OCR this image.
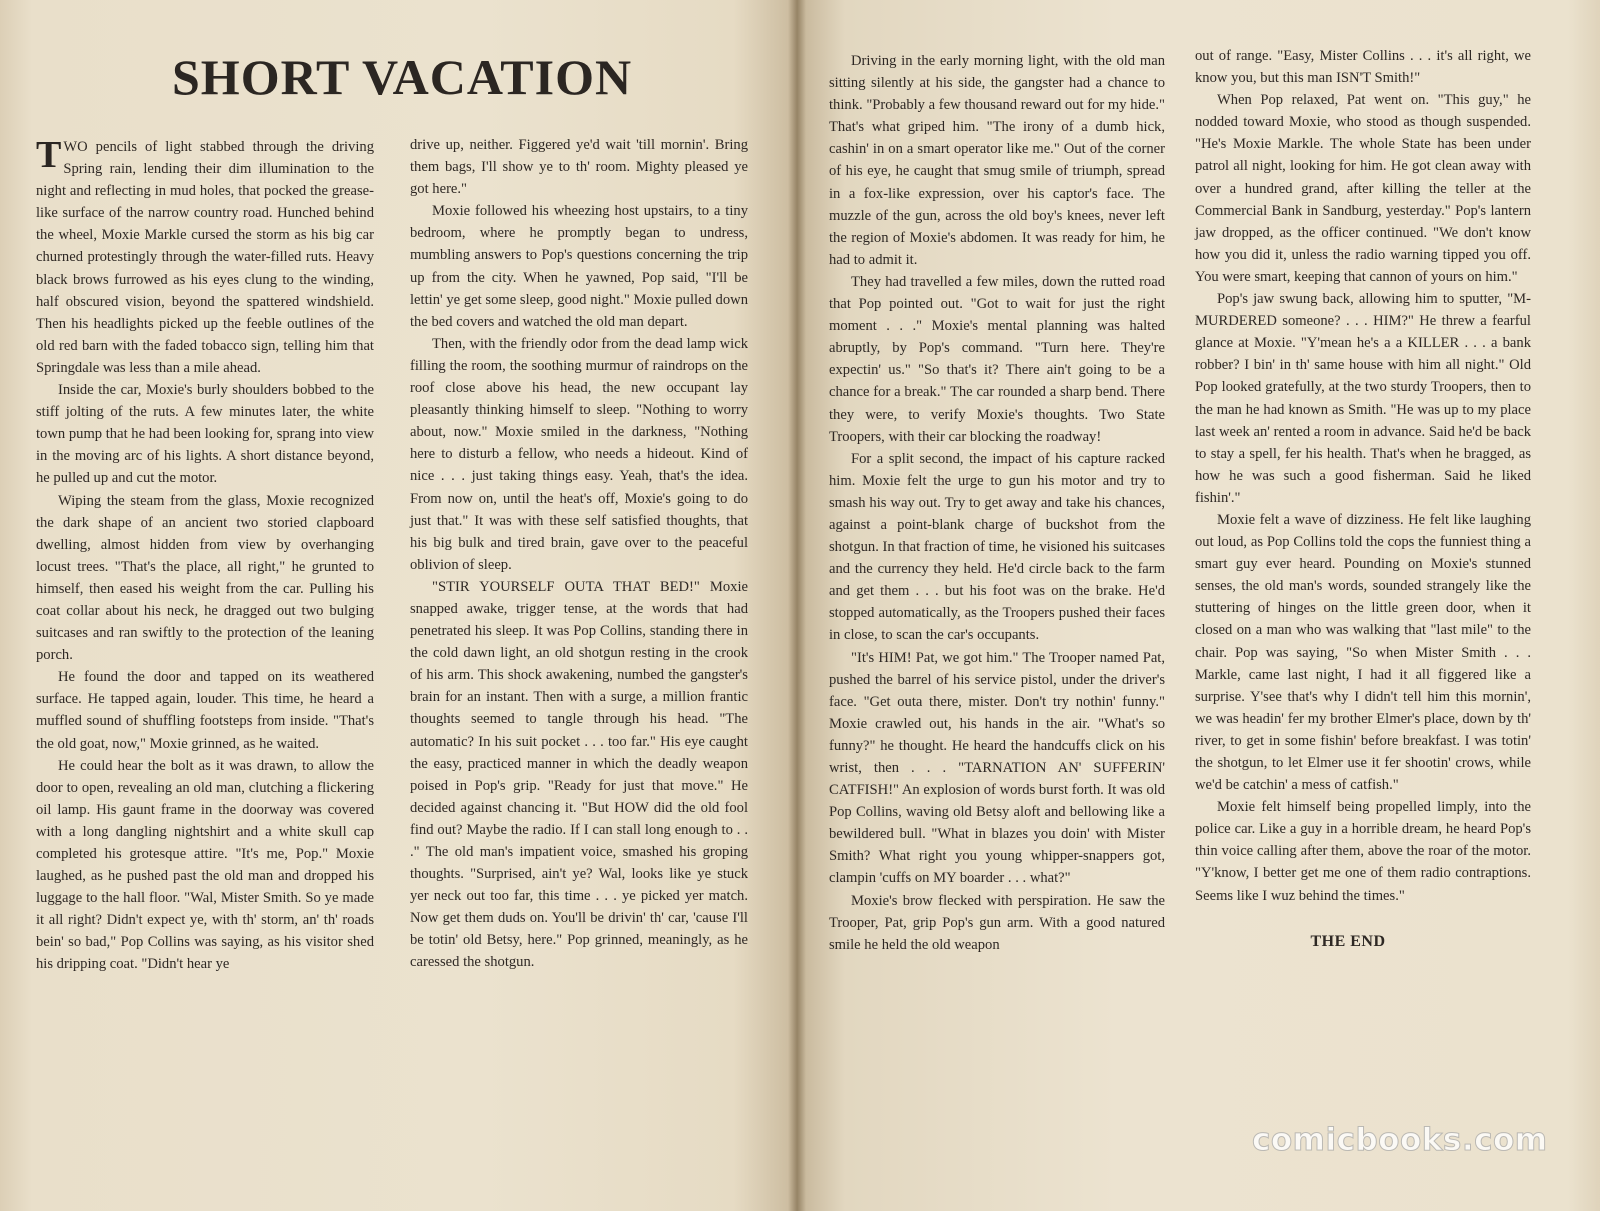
SHORT VACATION

TWO pencils of light stabbed through the driving Spring rain, lending their dim illumination to the night and reflecting in mud holes, that pocked the grease-like surface of the narrow country road. Hunched behind the wheel, Moxie Markle cursed the storm as his big car churned protestingly through the water-filled ruts. Heavy black brows furrowed as his eyes clung to the winding, half obscured vision, beyond the spattered windshield. Then his headlights picked up the feeble outlines of the old red barn with the faded tobacco sign, telling him that Springdale was less than a mile ahead.

Inside the car, Moxie's burly shoulders bobbed to the stiff jolting of the ruts. A few minutes later, the white town pump that he had been looking for, sprang into view in the moving arc of his lights. A short distance beyond, he pulled up and cut the motor.

Wiping the steam from the glass, Moxie recognized the dark shape of an ancient two storied clapboard dwelling, almost hidden from view by overhanging locust trees. "That's the place, all right," he grunted to himself, then eased his weight from the car. Pulling his coat collar about his neck, he dragged out two bulging suitcases and ran swiftly to the protection of the leaning porch.

He found the door and tapped on its weathered surface. He tapped again, louder. This time, he heard a muffled sound of shuffling footsteps from inside. "That's the old goat, now," Moxie grinned, as he waited.

He could hear the bolt as it was drawn, to allow the door to open, revealing an old man, clutching a flickering oil lamp. His gaunt frame in the doorway was covered with a long dangling nightshirt and a white skull cap completed his grotesque attire. "It's me, Pop." Moxie laughed, as he pushed past the old man and dropped his luggage to the hall floor. "Wal, Mister Smith. So ye made it all right? Didn't expect ye, with th' storm, an' th' roads bein' so bad," Pop Collins was saying, as his visitor shed his dripping coat. "Didn't hear ye

drive up, neither. Figgered ye'd wait 'till mornin'. Bring them bags, I'll show ye to th' room. Mighty pleased ye got here."

Moxie followed his wheezing host upstairs, to a tiny bedroom, where he promptly began to undress, mumbling answers to Pop's questions concerning the trip up from the city. When he yawned, Pop said, "I'll be lettin' ye get some sleep, good night." Moxie pulled down the bed covers and watched the old man depart.

Then, with the friendly odor from the dead lamp wick filling the room, the soothing murmur of raindrops on the roof close above his head, the new occupant lay pleasantly thinking himself to sleep. "Nothing to worry about, now." Moxie smiled in the darkness, "Nothing here to disturb a fellow, who needs a hideout. Kind of nice . . . just taking things easy. Yeah, that's the idea. From now on, until the heat's off, Moxie's going to do just that." It was with these self satisfied thoughts, that his big bulk and tired brain, gave over to the peaceful oblivion of sleep.

"STIR YOURSELF OUTA THAT BED!" Moxie snapped awake, trigger tense, at the words that had penetrated his sleep. It was Pop Collins, standing there in the cold dawn light, an old shotgun resting in the crook of his arm. This shock awakening, numbed the gangster's brain for an instant. Then with a surge, a million frantic thoughts seemed to tangle through his head. "The automatic? In his suit pocket . . . too far." His eye caught the easy, practiced manner in which the deadly weapon poised in Pop's grip. "Ready for just that move." He decided against chancing it. "But HOW did the old fool find out? Maybe the radio. If I can stall long enough to . . ." The old man's impatient voice, smashed his groping thoughts. "Surprised, ain't ye? Wal, looks like ye stuck yer neck out too far, this time . . . ye picked yer match. Now get them duds on. You'll be drivin' th' car, 'cause I'll be totin' old Betsy, here." Pop grinned, meaningly, as he caressed the shotgun.

Driving in the early morning light, with the old man sitting silently at his side, the gangster had a chance to think. "Probably a few thousand reward out for my hide." That's what griped him. "The irony of a dumb hick, cashin' in on a smart operator like me." Out of the corner of his eye, he caught that smug smile of triumph, spread in a fox-like expression, over his captor's face. The muzzle of the gun, across the old boy's knees, never left the region of Moxie's abdomen. It was ready for him, he had to admit it.

They had travelled a few miles, down the rutted road that Pop pointed out. "Got to wait for just the right moment . . ." Moxie's mental planning was halted abruptly, by Pop's command. "Turn here. They're expectin' us." "So that's it? There ain't going to be a chance for a break." The car rounded a sharp bend. There they were, to verify Moxie's thoughts. Two State Troopers, with their car blocking the roadway!

For a split second, the impact of his capture racked him. Moxie felt the urge to gun his motor and try to smash his way out. Try to get away and take his chances, against a point-blank charge of buckshot from the shotgun. In that fraction of time, he visioned his suitcases and the currency they held. He'd circle back to the farm and get them . . . but his foot was on the brake. He'd stopped automatically, as the Troopers pushed their faces in close, to scan the car's occupants.

"It's HIM! Pat, we got him." The Trooper named Pat, pushed the barrel of his service pistol, under the driver's face. "Get outa there, mister. Don't try nothin' funny." Moxie crawled out, his hands in the air. "What's so funny?" he thought. He heard the handcuffs click on his wrist, then . . . "TARNATION AN' SUFFERIN' CATFISH!" An explosion of words burst forth. It was old Pop Collins, waving old Betsy aloft and bellowing like a bewildered bull. "What in blazes you doin' with Mister Smith? What right you young whipper-snappers got, clampin 'cuffs on MY boarder . . . what?"

Moxie's brow flecked with perspiration. He saw the Trooper, Pat, grip Pop's gun arm. With a good natured smile he held the old weapon

out of range. "Easy, Mister Collins . . . it's all right, we know you, but this man ISN'T Smith!"

When Pop relaxed, Pat went on. "This guy," he nodded toward Moxie, who stood as though suspended. "He's Moxie Markle. The whole State has been under patrol all night, looking for him. He got clean away with over a hundred grand, after killing the teller at the Commercial Bank in Sandburg, yesterday." Pop's lantern jaw dropped, as the officer continued. "We don't know how you did it, unless the radio warning tipped you off. You were smart, keeping that cannon of yours on him."

Pop's jaw swung back, allowing him to sputter, "M-MURDERED someone? . . . HIM?" He threw a fearful glance at Moxie. "Y'mean he's a a KILLER . . . a bank robber? I bin' in th' same house with him all night." Old Pop looked gratefully, at the two sturdy Troopers, then to the man he had known as Smith. "He was up to my place last week an' rented a room in advance. Said he'd be back to stay a spell, fer his health. That's when he bragged, as how he was such a good fisherman. Said he liked fishin'."

Moxie felt a wave of dizziness. He felt like laughing out loud, as Pop Collins told the cops the funniest thing a smart guy ever heard. Pounding on Moxie's stunned senses, the old man's words, sounded strangely like the stuttering of hinges on the little green door, when it closed on a man who was walking that "last mile" to the chair. Pop was saying, "So when Mister Smith . . . Markle, came last night, I had it all figgered like a surprise. Y'see that's why I didn't tell him this mornin', we was headin' fer my brother Elmer's place, down by th' river, to get in some fishin' before breakfast. I was totin' the shotgun, to let Elmer use it fer shootin' crows, while we'd be catchin' a mess of catfish."

Moxie felt himself being propelled limply, into the police car. Like a guy in a horrible dream, he heard Pop's thin voice calling after them, above the roar of the motor. "Y'know, I better get me one of them radio contraptions. Seems like I wuz behind the times."

THE END
comicbooks.com
